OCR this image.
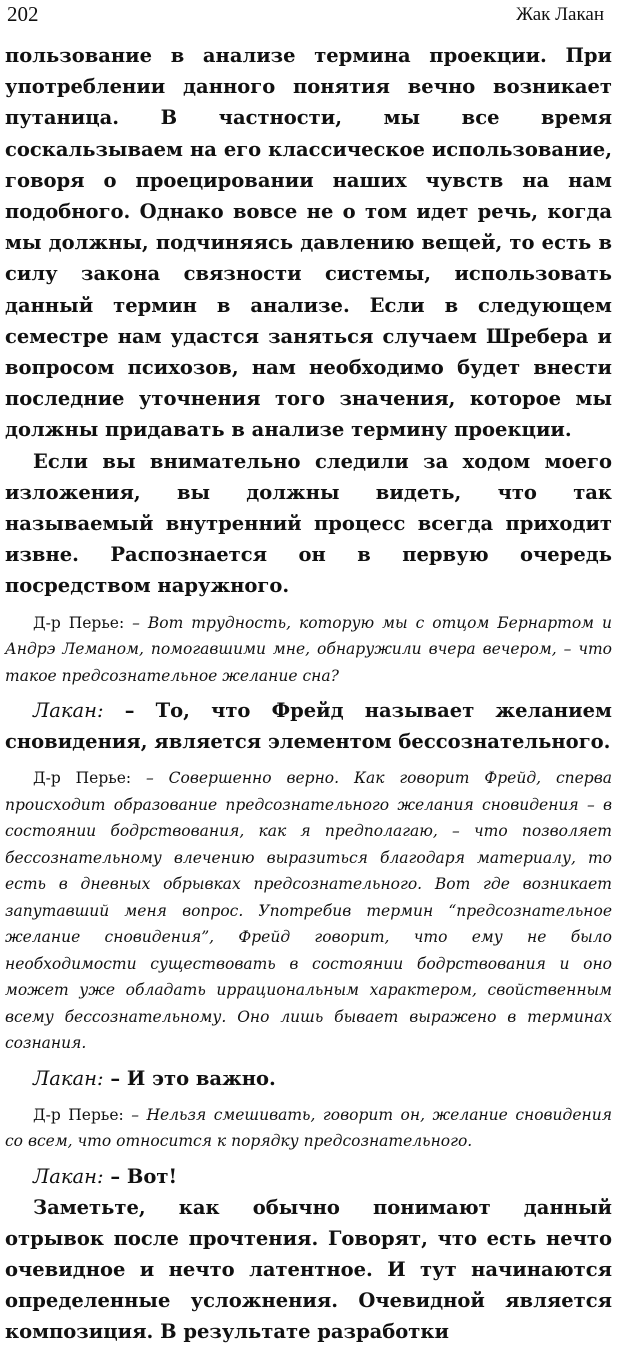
202	Жак Лакан

пользование в анализе термина проекции. При употреблении данного понятия вечно возникает путаница. В частности, мы все время соскальзываем на его классическое использование, говоря о проецировании наших чувств на нам подобного. Однако вовсе не о том идет речь, когда мы должны, подчиняясь давлению вещей, то есть в силу закона связности системы, использовать данный термин в анализе. Если в следующем семестре нам удастся заняться случаем Шребера и вопросом психозов, нам необходимо будет внести последние уточнения того значения, которое мы должны придавать в анализе термину проекции.

Если вы внимательно следили за ходом моего изложения, вы должны видеть, что так называемый внутренний процесс всегда приходит извне. Распознается он в первую очередь посредством наружного.

Д-р Перье: – Вот трудность, которую мы с отцом Бернартом и Андрэ Леманом, помогавшими мне, обнаружили вчера вечером, – что такое предсознательное желание сна?

Лакан: – То, что Фрейд называет желанием сновидения, является элементом бессознательного.

Д-р Перье: – Совершенно верно. Как говорит Фрейд, сперва происходит образование предсознательного желания сновидения – в состоянии бодрствования, как я предполагаю, – что позволяет бессознательному влечению выразиться благодаря материалу, то есть в дневных обрывках предсознательного. Вот где возникает запутавший меня вопрос. Употребив термин “предсознательное желание сновидения”, Фрейд говорит, что ему не было необходимости существовать в состоянии бодрствования и оно может уже обладать иррациональным характером, свойственным всему бессознательному. Оно лишь бывает выражено в терминах сознания.

Лакан: – И это важно.

Д-р Перье: – Нельзя смешивать, говорит он, желание сновидения со всем, что относится к порядку предсознательного.

Лакан: – Вот!

Заметьте, как обычно понимают данный отрывок после прочтения. Говорят, что есть нечто очевидное и нечто латентное. И тут начинаются определенные усложнения. Очевидной является композиция. В результате разработки
